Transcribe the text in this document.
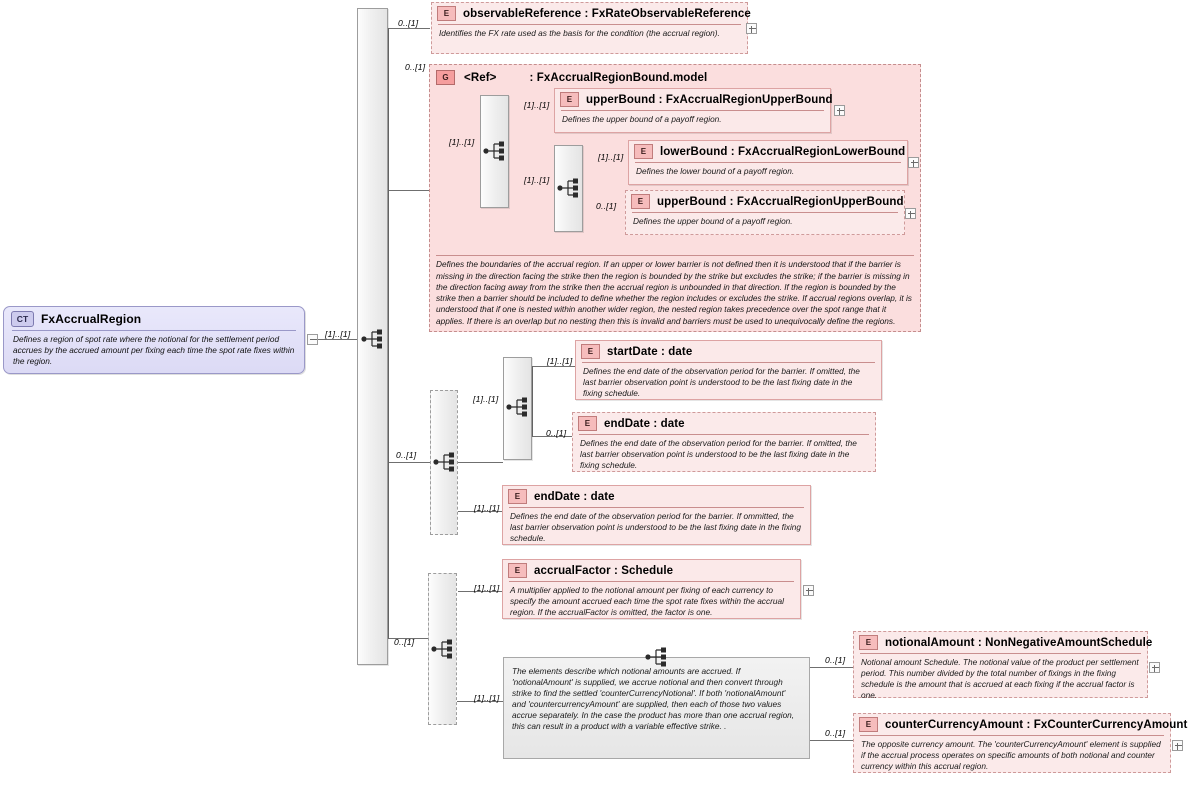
CT	FxAccrualRegion
Defines a region of spot rate where the notional for the settlement period accrues by the accrued amount per fixing each time the spot rate fixes within the region.
[1]..[1]
0..[1]
E	observableReference : FxRateObservableReference
Identifies the FX rate used as the basis for the condition (the accrual region).
0..[1]
G	<Ref>	: FxAccrualRegionBound.model
Defines the boundaries of the accrual region. If an upper or lower barrier is not defined then it is understood that if the barrier is missing in the direction facing the strike then the region is bounded by the strike but excludes the strike; if the barrier is missing in the direction facing away from the strike then the accrual region is unbounded in that direction. If the region is bounded by the strike then a barrier should be included to define whether the region includes or excludes the strike. If accrual regions overlap, it is understood that if one is nested within another wider region, the nested region takes precedence over the spot range that it applies. If there is an overlap but no nesting then this is invalid and barriers must be used to unequivocally define the regions.
[1]..[1]
[1]..[1]
[1]..[1]
E	upperBound : FxAccrualRegionUpperBound
Defines the upper bound of a payoff region.
[1]..[1]
E	lowerBound : FxAccrualRegionLowerBound
Defines the lower bound of a payoff region.
0..[1]	E	upperBound : FxAccrualRegionUpperBound
Defines the upper bound of a payoff region.
0..[1]
[1]..[1]
[1]..[1]
E	startDate : date
Defines the end date of the observation period for the barrier. If omitted, the last barrier observation point is understood to be the last fixing date in the fixing schedule.
0..[1]
E	endDate : date
Defines the end date of the observation period for the barrier. If omitted, the last barrier observation point is understood to be the last fixing date in the fixing schedule.
[1]..[1]
E	endDate : date
Defines the end date of the observation period for the barrier. If ommitted, the last barrier observation point is understood to be the last fixing date in the fixing schedule.
0..[1]
[1]..[1]
E	accrualFactor : Schedule
A multiplier applied to the notional amount per fixing of each currency to specify the amount accrued each time the spot rate fixes within the accrual region. If the accrualFactor is omitted, the factor is one.
[1]..[1]
The elements describe which notional amounts are accrued. If 'notionalAmount' is supplied, we accrue notional and then convert through strike to find the settled 'counterCurrencyNotional'. If both 'notionalAmount' and 'countercurrencyAmount' are supplied, then each of those two values accrue separately. In the case the product has more than one accrual region, this can result in a product with a variable effective strike. .
0..[1]
E	notionalAmount : NonNegativeAmountSchedule
Notional amount Schedule. The notional value of the product per settlement period. This number divided by the total number of fixings in the fixing schedule is the amount that is accrued at each fixing if the accrual factor is one.
0..[1]
E	counterCurrencyAmount : FxCounterCurrencyAmount
The opposite currency amount. The 'counterCurrencyAmount' element is supplied if the accrual process operates on specific amounts of both notional and counter currency within this accrual region.
